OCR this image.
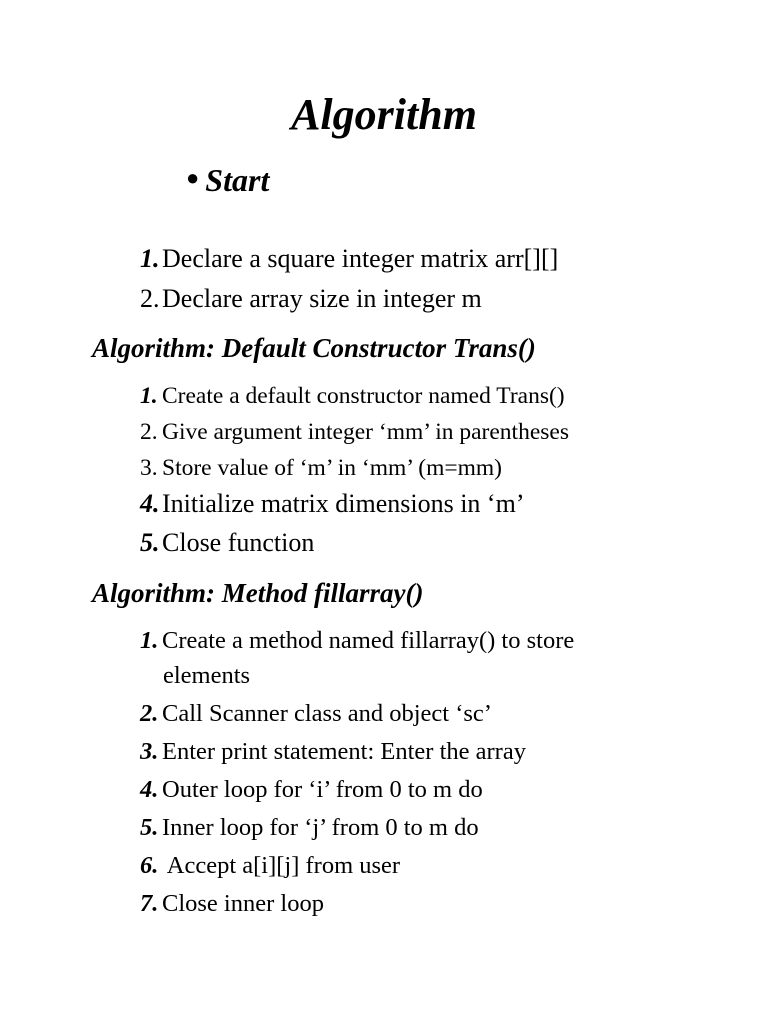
Algorithm
● Start
1.Declare a square integer matrix arr[][]
2.Declare array size in integer m
Algorithm: Default Constructor Trans()
1. Create a default constructor named Trans()
2. Give argument integer ‘mm’ in parentheses
3. Store value of ‘m’ in ‘mm’ (m=mm)
4.Initialize matrix dimensions in ‘m’
5.Close function
Algorithm: Method fillarray()
1. Create a method named fillarray() to store
elements
2. Call Scanner class and object ‘sc’
3. Enter print statement: Enter the array
4. Outer loop for ‘i’ from 0 to m do
5. Inner loop for ‘j’ from 0 to m do
6. Accept a[i][j] from user
7. Close inner loop
